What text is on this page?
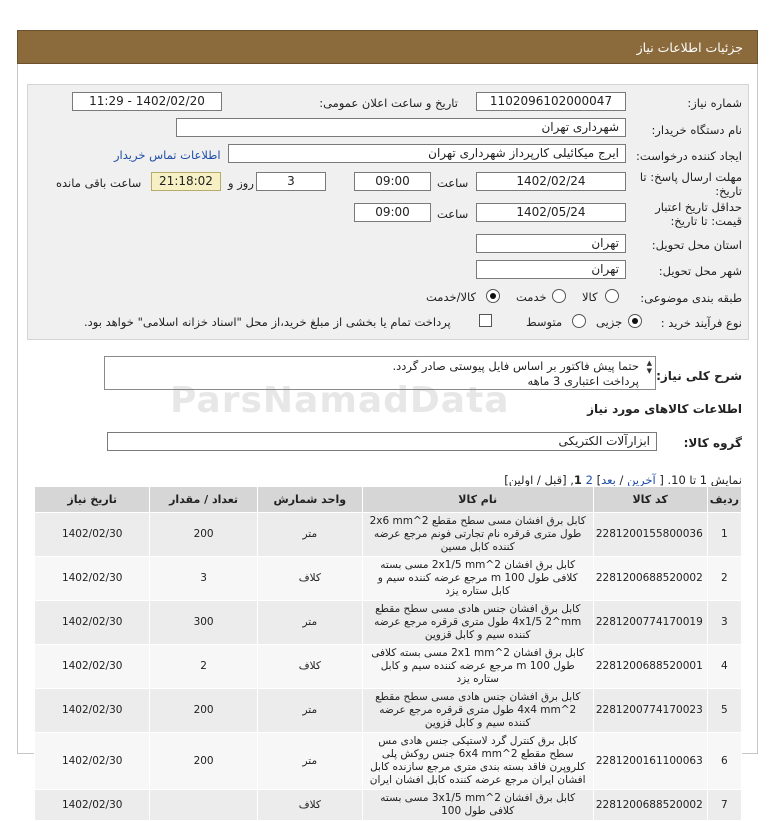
جزئیات اطلاعات نیاز
شماره نیاز:
1102096102000047
تاریخ و ساعت اعلان عمومی:
1402/02/20 - 11:29
نام دستگاه خریدار:
شهرداری تهران
ایجاد کننده درخواست:
ایرج میکائیلی کارپرداز شهرداری تهران
اطلاعات تماس خریدار
مهلت ارسال پاسخ: تا
تاریخ:
1402/02/24
ساعت
09:00
3
روز و
21:18:02
ساعت باقی مانده
حداقل تاریخ اعتبار
قیمت: تا تاریخ:
1402/05/24
ساعت
09:00
استان محل تحویل:
تهران
شهر محل تحویل:
تهران
طبقه بندی موضوعی:
کالا
خدمت
کالا/خدمت
نوع فرآیند خرید :
جزیی
متوسط
پرداخت تمام یا بخشی از مبلغ خرید،از محل "اسناد خزانه اسلامی" خواهد بود.
شرح کلی نیاز:
حتما پیش فاکتور بر اساس فایل پیوستی صادر گردد.
پرداخت اعتباری 3 ماهه
▲
▼
ParsNamadData	اطلاعات کالاهای مورد نیاز
گروه کالا:
ابزارآلات الکتریکی
نمایش 1 تا 10. [ آخرین / بعد] 2 1, [قبل / اولین]
ردیف	کد کالا	نام کالا	واحد شمارش	تعداد / مقدار	تاریخ نیاز
1	2281200155800036	کابل برق افشان مسی سطح مقطع 2^2x6 mm طول متری قرقره نام تجارتی فونم مرجع عرضه کننده کابل مسین	متر	200	1402/02/30
2	2281200688520002	کابل برق افشان 2^2x1/5 mm مسی بسته کلافی طول 100 m مرجع عرضه کننده سیم و کابل ستاره یزد	کلاف	3	1402/02/30
3	2281200774170019	کابل برق افشان جنس هادی مسی سطح مقطع 4x1/5 2^mm طول متری قرقره مرجع عرضه کننده سیم و کابل قزوین	متر	300	1402/02/30
4	2281200688520001	کابل برق افشان 2^2x1 mm مسی بسته کلافی طول 100 m مرجع عرضه کننده سیم و کابل ستاره یزد	کلاف	2	1402/02/30
5	2281200774170023	کابل برق افشان جنس هادی مسی سطح مقطع 2^4x4 mm طول متری قرقره مرجع عرضه کننده سیم و کابل قزوین	متر	200	1402/02/30
6	2281200161100063	کابل برق کنترل گرد لاستیکی جنس هادی مس سطح مقطع 2^6x4 mm جنس روکش پلی کلروپرن فاقد بسته بندی متری مرجع سازنده کابل افشان ایران مرجع عرضه کننده کابل افشان ایران	متر	200	1402/02/30
7	2281200688520002	کابل برق افشان 2^3x1/5 mm مسی بسته کلافی طول 100	کلاف		1402/02/30
